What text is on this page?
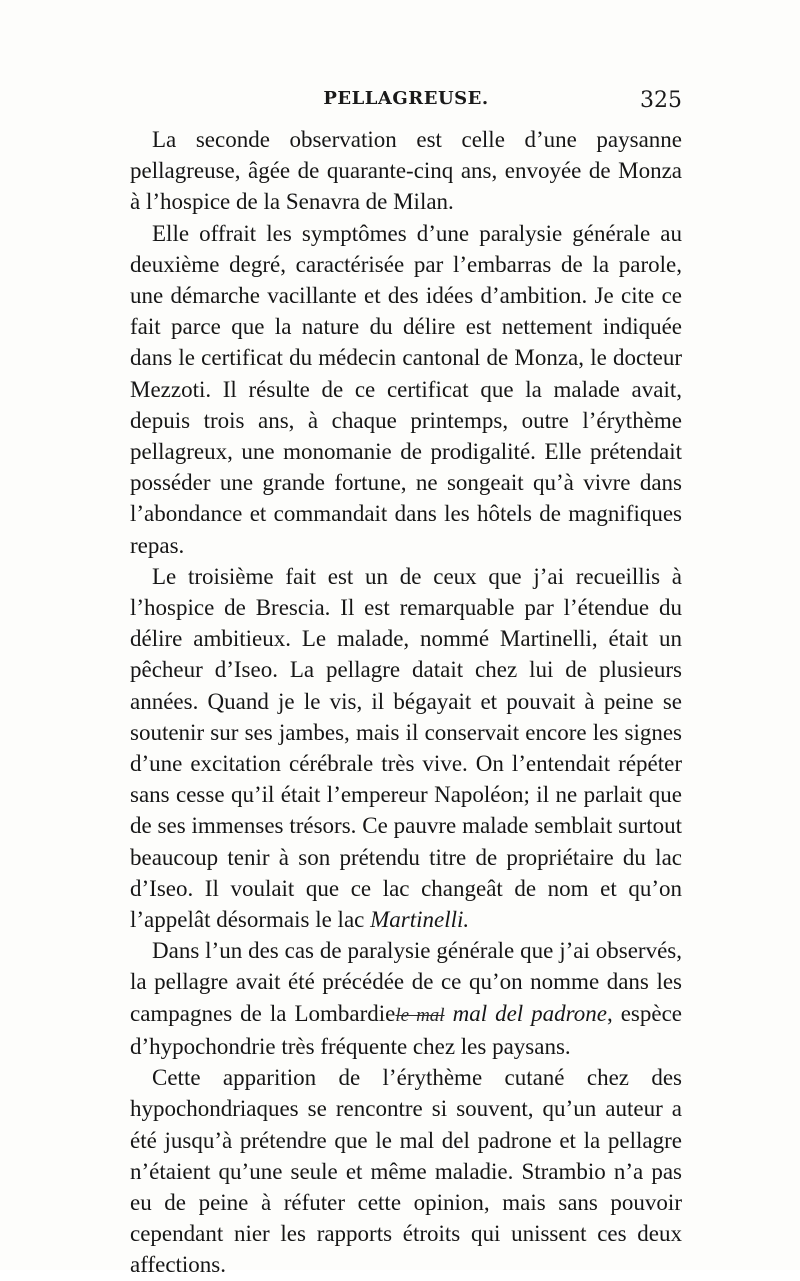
PELLAGREUSE.	325

La seconde observation est celle d’une paysanne pellagreuse, âgée de quarante-cinq ans, envoyée de Monza à l’hospice de la Senavra de Milan.

Elle offrait les symptômes d’une paralysie générale au deuxième degré, caractérisée par l’embarras de la parole, une démarche vacillante et des idées d’ambition. Je cite ce fait parce que la nature du délire est nettement indiquée dans le certificat du médecin cantonal de Monza, le docteur Mezzoti. Il résulte de ce certificat que la malade avait, depuis trois ans, à chaque printemps, outre l’érythème pellagreux, une monomanie de prodigalité. Elle prétendait posséder une grande fortune, ne songeait qu’à vivre dans l’abondance et commandait dans les hôtels de magnifiques repas.

Le troisième fait est un de ceux que j’ai recueillis à l’hospice de Brescia. Il est remarquable par l’étendue du délire ambitieux. Le malade, nommé Martinelli, était un pêcheur d’Iseo. La pellagre datait chez lui de plusieurs années. Quand je le vis, il bégayait et pouvait à peine se soutenir sur ses jambes, mais il conservait encore les signes d’une excitation cérébrale très vive. On l’entendait répéter sans cesse qu’il était l’empereur Napoléon; il ne parlait que de ses immenses trésors. Ce pauvre malade semblait surtout beaucoup tenir à son prétendu titre de propriétaire du lac d’Iseo. Il voulait que ce lac changeât de nom et qu’on l’appelât désormais le lac Martinelli.

Dans l’un des cas de paralysie générale que j’ai observés, la pellagre avait été précédée de ce qu’on nomme dans les campagnes de la Lombardiele mal mal del padrone, espèce d’hypochondrie très fréquente chez les paysans.

Cette apparition de l’érythème cutané chez des hypochondriaques se rencontre si souvent, qu’un auteur a été jusqu’à prétendre que le mal del padrone et la pellagre n’étaient qu’une seule et même maladie. Strambio n’a pas eu de peine à réfuter cette opinion, mais sans pouvoir cependant nier les rapports étroits qui unissent ces deux affections.
